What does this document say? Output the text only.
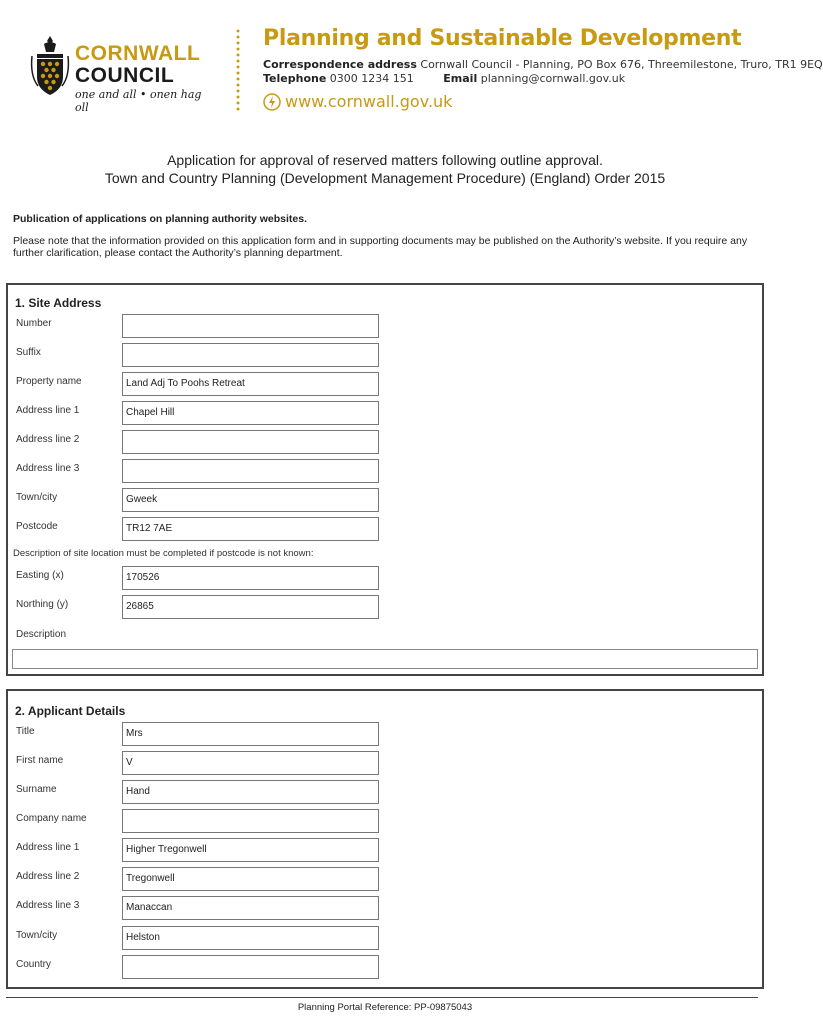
CORNWALL
COUNCIL
one and all • onen hag oll
Planning and Sustainable Development
Correspondence address Cornwall Council - Planning, PO Box 676, Threemilestone, Truro, TR1 9EQ
Telephone 0300 1234 151	Email planning@cornwall.gov.uk
www.cornwall.gov.uk
Application for approval of reserved matters following outline approval.
Town and Country Planning (Development Management Procedure) (England) Order 2015
Publication of applications on planning authority websites.
Please note that the information provided on this application form and in supporting documents may be published on the Authority’s website. If you require any further clarification, please contact the Authority’s planning department.
1. Site Address
Number
Suffix
Property name	Land Adj To Poohs Retreat
Address line 1	Chapel Hill
Address line 2
Address line 3
Town/city	Gweek
Postcode	TR12 7AE
Description of site location must be completed if postcode is not known:
Easting (x)	170526
Northing (y)	26865
Description
2. Applicant Details
Title	Mrs
First name	V
Surname	Hand
Company name
Address line 1	Higher Tregonwell
Address line 2	Tregonwell
Address line 3	Manaccan
Town/city	Helston
Country
Planning Portal Reference: PP-09875043
